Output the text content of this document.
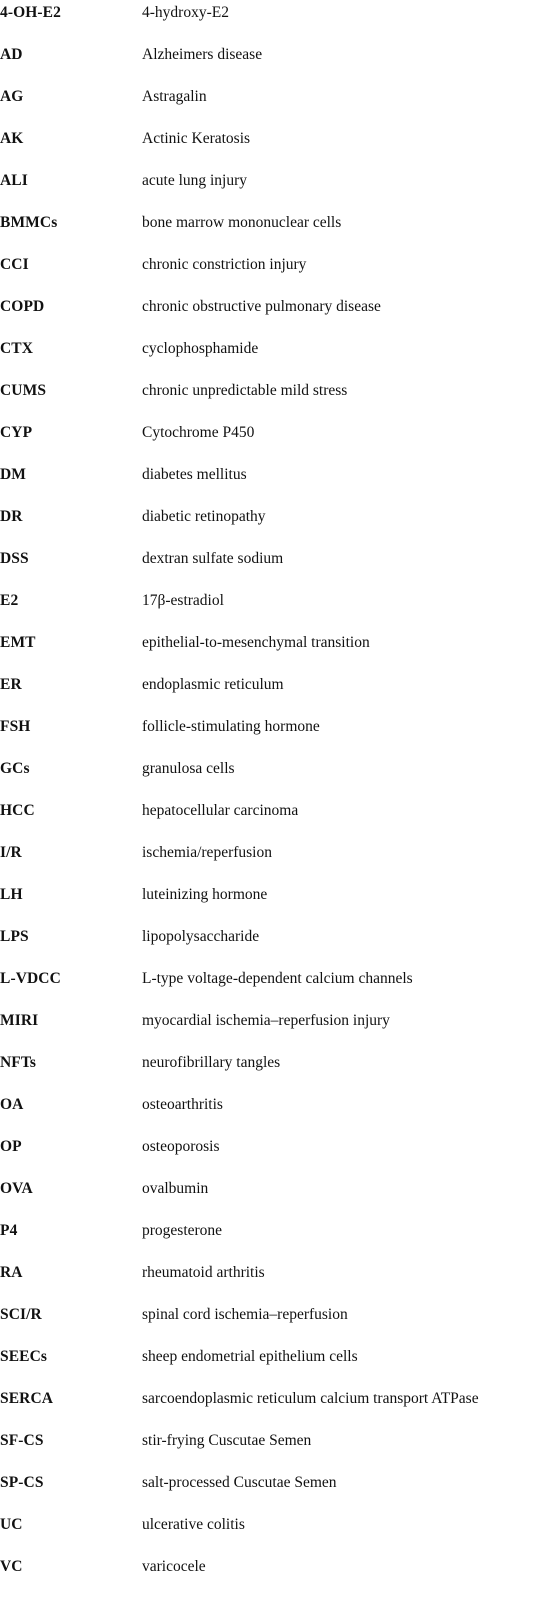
4-OH-E2	4-hydroxy-E2
AD	Alzheimers disease
AG	Astragalin
AK	Actinic Keratosis
ALI	acute lung injury
BMMCs	bone marrow mononuclear cells
CCI	chronic constriction injury
COPD	chronic obstructive pulmonary disease
CTX	cyclophosphamide
CUMS	chronic unpredictable mild stress
CYP	Cytochrome P450
DM	diabetes mellitus
DR	diabetic retinopathy
DSS	dextran sulfate sodium
E2	17β-estradiol
EMT	epithelial-to-mesenchymal transition
ER	endoplasmic reticulum
FSH	follicle-stimulating hormone
GCs	granulosa cells
HCC	hepatocellular carcinoma
I/R	ischemia/reperfusion
LH	luteinizing hormone
LPS	lipopolysaccharide
L-VDCC	L-type voltage-dependent calcium channels
MIRI	myocardial ischemia–reperfusion injury
NFTs	neurofibrillary tangles
OA	osteoarthritis
OP	osteoporosis
OVA	ovalbumin
P4	progesterone
RA	rheumatoid arthritis
SCI/R	spinal cord ischemia–reperfusion
SEECs	sheep endometrial epithelium cells
SERCA	sarcoendoplasmic reticulum calcium transport ATPase
SF-CS	stir-frying Cuscutae Semen
SP-CS	salt-processed Cuscutae Semen
UC	ulcerative colitis
VC	varicocele
